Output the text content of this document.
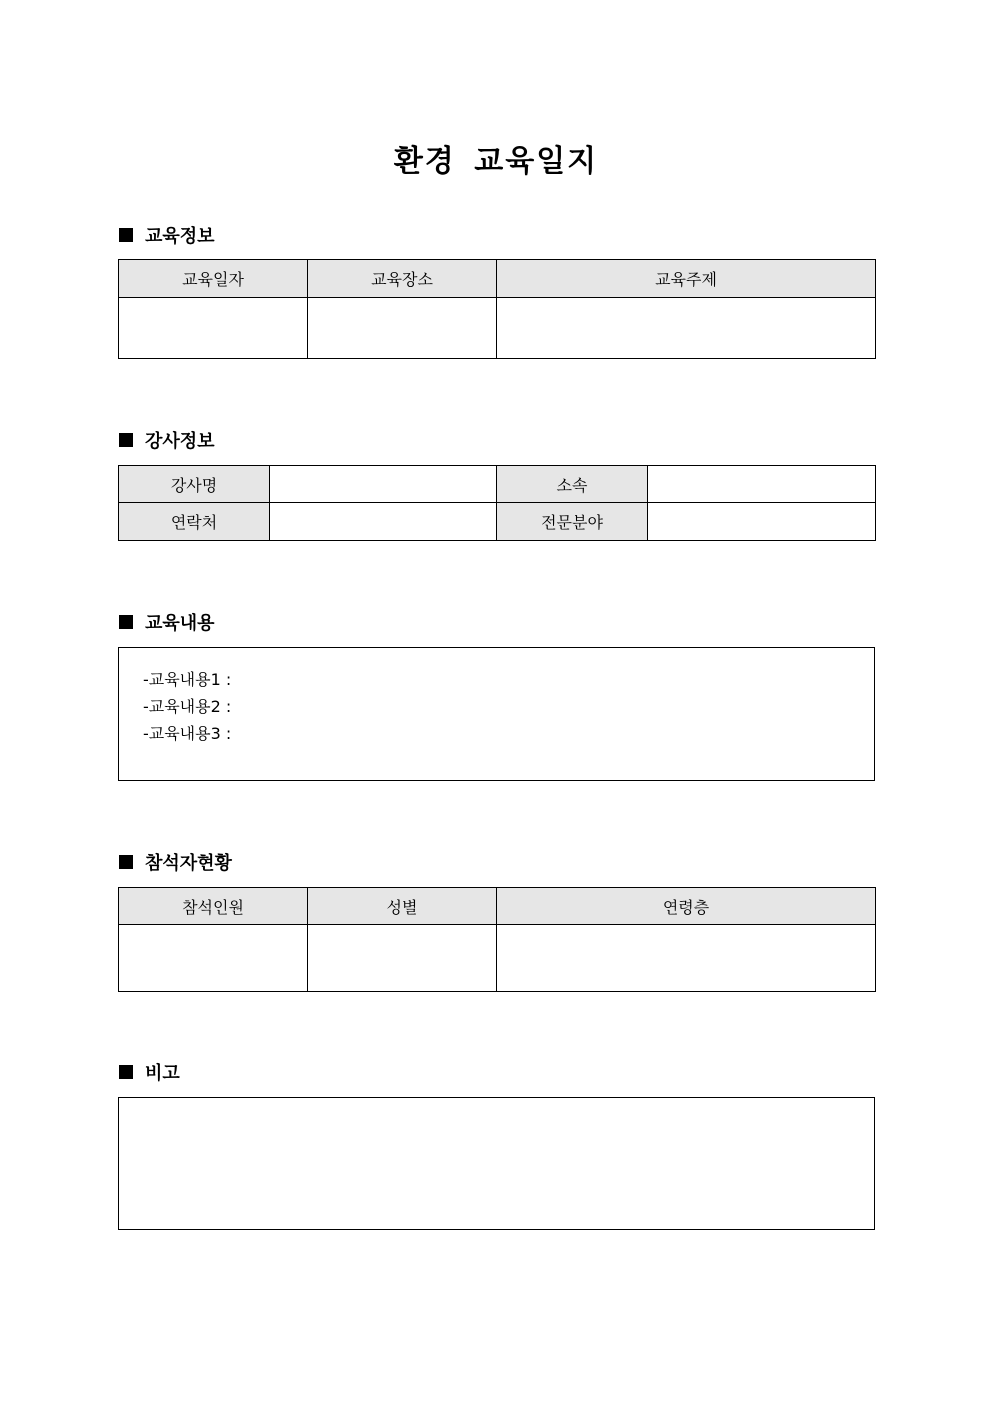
환경 교육일지
교육정보
교육일자	교육장소	교육주제

강사정보
강사명		소속	
연락처		전문분야	
교육내용
-교육내용1 :
-교육내용2 :
-교육내용3 :
참석자현황
참석인원	성별	연령층

비고
